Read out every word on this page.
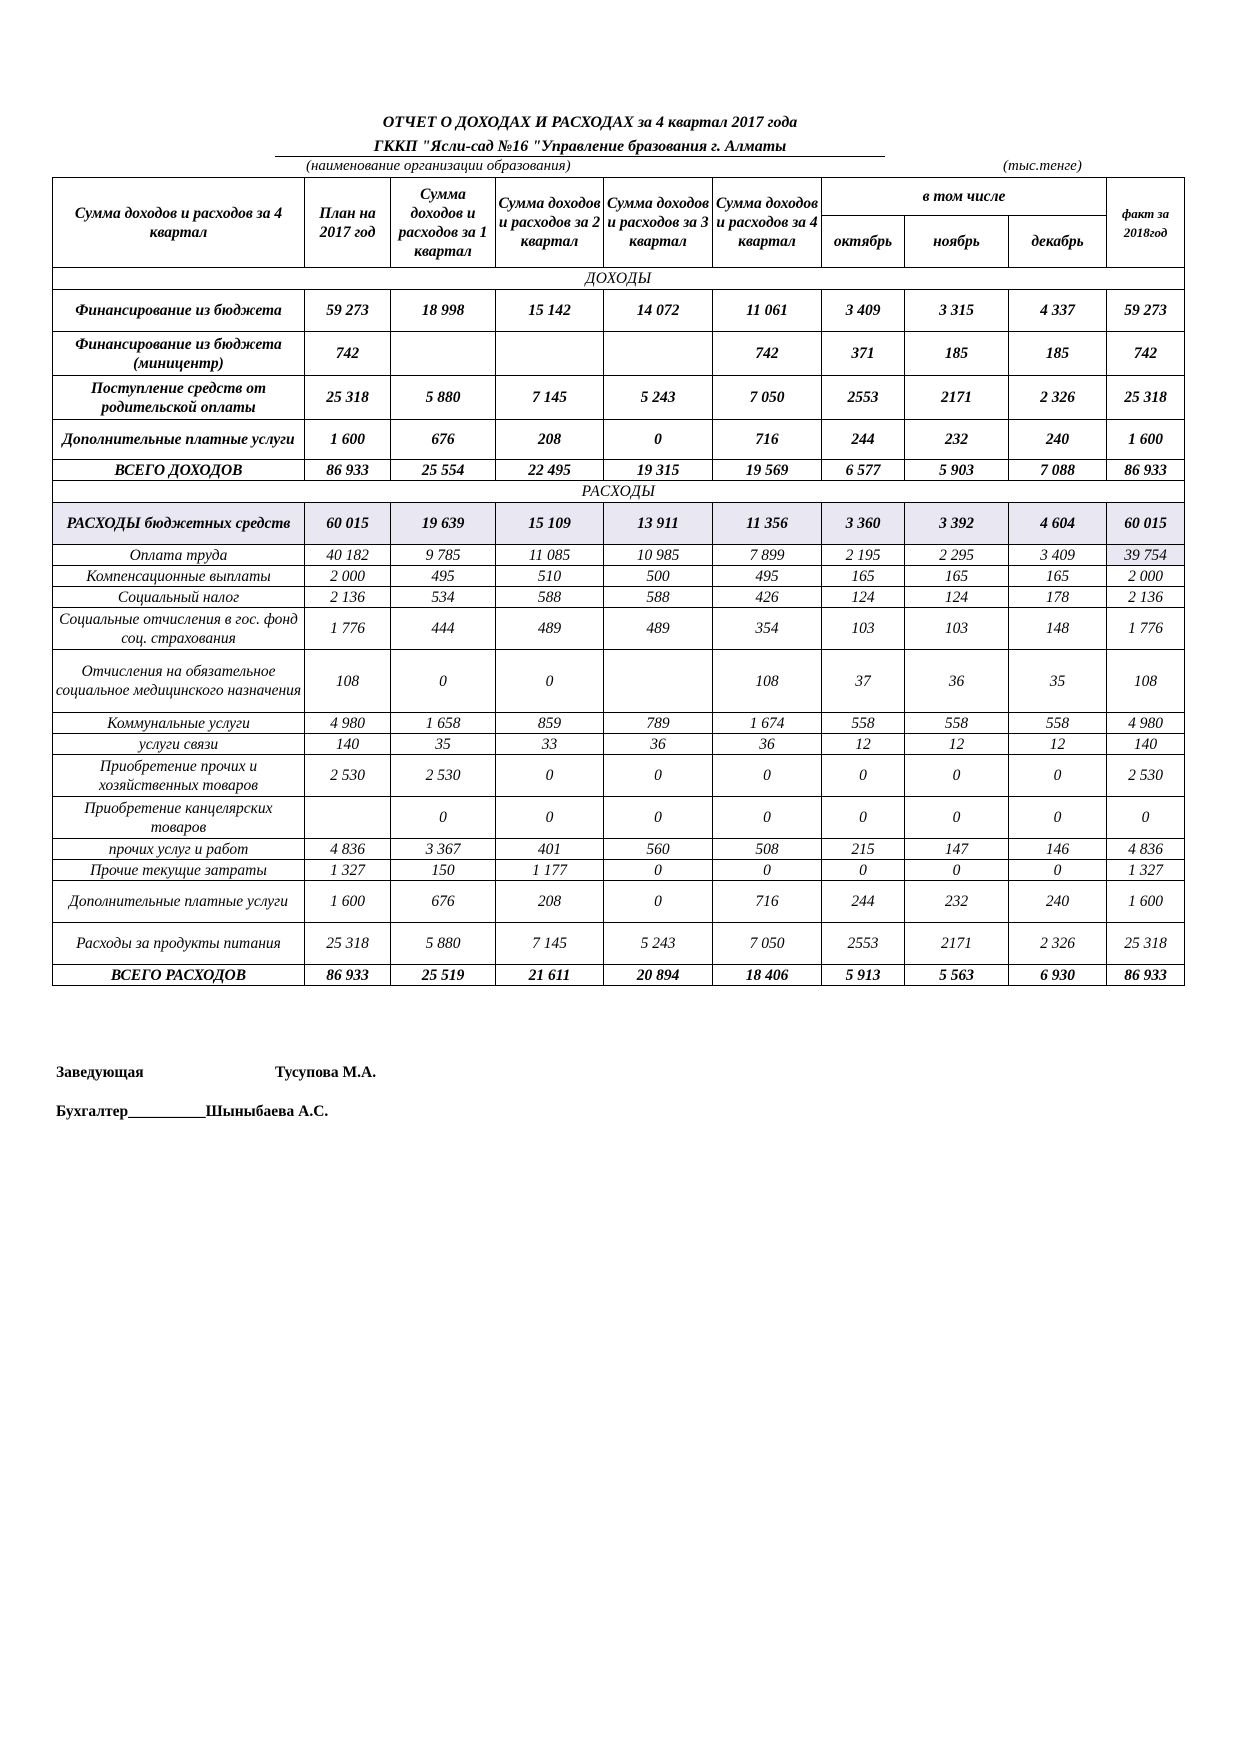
ОТЧЕТ О ДОХОДАХ И РАСХОДАХ за 4 квартал 2017 года
ГККП "Ясли-сад №16 "Управление бразования г. Алматы
(наименование организации образования)	(тыс.тенге)
Сумма доходов и расходов за 4 квартал	План на 2017 год	Сумма доходов и расходов за 1 квартал	Сумма доходов и расходов за 2 квартал	Сумма доходов и расходов за 3 квартал	Сумма доходов и расходов за 4 квартал	в том числе			факт за 2018год
						октябрь	ноябрь	декабрь	
ДОХОДЫ									
Финансирование из бюджета	59 273	18 998	15 142	14 072	11 061	3 409	3 315	4 337	59 273
Финансирование из бюджета (миницентр)	742				742	371	185	185	742
Поступление средств от родительской оплаты	25 318	5 880	7 145	5 243	7 050	2553	2171	2 326	25 318
Дополнительные платные услуги	1 600	676	208	0	716	244	232	240	1 600
ВСЕГО ДОХОДОВ	86 933	25 554	22 495	19 315	19 569	6 577	5 903	7 088	86 933
РАСХОДЫ									
РАСХОДЫ бюджетных средств	60 015	19 639	15 109	13 911	11 356	3 360	3 392	4 604	60 015
Оплата труда	40 182	9 785	11 085	10 985	7 899	2 195	2 295	3 409	39 754
Компенсационные выплаты	2 000	495	510	500	495	165	165	165	2 000
Социальный налог	2 136	534	588	588	426	124	124	178	2 136
Социальные отчисления в гос. фонд соц. страхования	1 776	444	489	489	354	103	103	148	1 776
Отчисления на обязательное социальное медицинского назначения	108	0	0		108	37	36	35	108
Коммунальные услуги	4 980	1 658	859	789	1 674	558	558	558	4 980
услуги связи	140	35	33	36	36	12	12	12	140
Приобретение прочих и хозяйственных товаров	2 530	2 530	0	0	0	0	0	0	2 530
Приобретение канцелярских товаров		0	0	0	0	0	0	0	0
прочих услуг и работ	4 836	3 367	401	560	508	215	147	146	4 836
Прочие текущие затраты	1 327	150	1 177	0	0	0	0	0	1 327
Дополнительные платные услуги	1 600	676	208	0	716	244	232	240	1 600
Расходы за продукты питания	25 318	5 880	7 145	5 243	7 050	2553	2171	2 326	25 318
ВСЕГО РАСХОДОВ	86 933	25 519	21 611	20 894	18 406	5 913	5 563	6 930	86 933
Заведующая	Тусупова М.А.
Бухгалтер__________Шыныбаева А.С.
